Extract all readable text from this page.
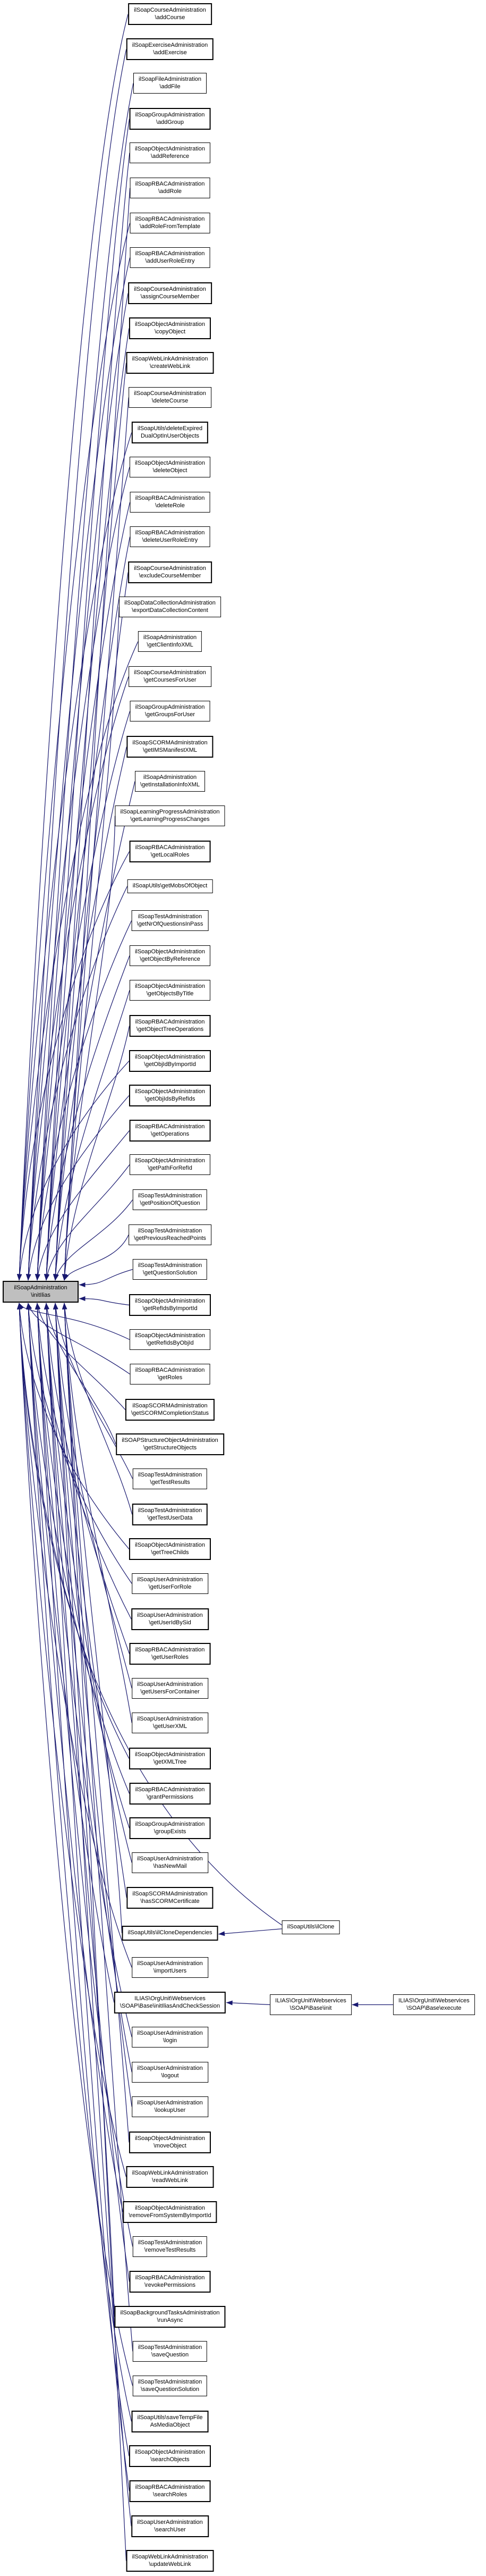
ilSoapCourseAdministration
\addCourse
ilSoapExerciseAdministration
\addExercise
ilSoapFileAdministration
\addFile
ilSoapGroupAdministration
\addGroup
ilSoapObjectAdministration
\addReference
ilSoapRBACAdministration
\addRole
ilSoapRBACAdministration
\addRoleFromTemplate
ilSoapRBACAdministration
\addUserRoleEntry
ilSoapCourseAdministration
\assignCourseMember
ilSoapObjectAdministration
\copyObject
ilSoapWebLinkAdministration
\createWebLink
ilSoapCourseAdministration
\deleteCourse
ilSoapUtils\deleteExpired
DualOptInUserObjects
ilSoapObjectAdministration
\deleteObject
ilSoapRBACAdministration
\deleteRole
ilSoapRBACAdministration
\deleteUserRoleEntry
ilSoapCourseAdministration
\excludeCourseMember
ilSoapDataCollectionAdministration
\exportDataCollectionContent
ilSoapAdministration
\getClientInfoXML
ilSoapCourseAdministration
\getCoursesForUser
ilSoapGroupAdministration
\getGroupsForUser
ilSoapSCORMAdministration
\getIMSManifestXML
ilSoapAdministration
\getInstallationInfoXML
ilSoapLearningProgressAdministration
\getLearningProgressChanges
ilSoapRBACAdministration
\getLocalRoles
ilSoapUtils\getMobsOfObject
ilSoapTestAdministration
\getNrOfQuestionsInPass
ilSoapObjectAdministration
\getObjectByReference
ilSoapObjectAdministration
\getObjectsByTitle
ilSoapRBACAdministration
\getObjectTreeOperations
ilSoapObjectAdministration
\getObjIdByImportId
ilSoapObjectAdministration
\getObjIdsByRefIds
ilSoapRBACAdministration
\getOperations
ilSoapObjectAdministration
\getPathForRefId
ilSoapTestAdministration
\getPositionOfQuestion
ilSoapTestAdministration
\getPreviousReachedPoints
ilSoapTestAdministration
\getQuestionSolution
ilSoapObjectAdministration
\getRefIdsByImportId
ilSoapObjectAdministration
\getRefIdsByObjId
ilSoapRBACAdministration
\getRoles
ilSoapSCORMAdministration
\getSCORMCompletionStatus
ilSOAPStructureObjectAdministration
\getStructureObjects
ilSoapTestAdministration
\getTestResults
ilSoapTestAdministration
\getTestUserData
ilSoapObjectAdministration
\getTreeChilds
ilSoapUserAdministration
\getUserForRole
ilSoapUserAdministration
\getUserIdBySid
ilSoapRBACAdministration
\getUserRoles
ilSoapUserAdministration
\getUsersForContainer
ilSoapUserAdministration
\getUserXML
ilSoapObjectAdministration
\getXMLTree
ilSoapRBACAdministration
\grantPermissions
ilSoapGroupAdministration
\groupExists
ilSoapUserAdministration
\hasNewMail
ilSoapSCORMAdministration
\hasSCORMCertificate
ilSoapUtils\ilCloneDependencies
ilSoapUserAdministration
\importUsers
ILIAS\OrgUnit\Webservices
\SOAP\Base\initIliasAndCheckSession
ilSoapUserAdministration
\login
ilSoapUserAdministration
\logout
ilSoapUserAdministration
\lookupUser
ilSoapObjectAdministration
\moveObject
ilSoapWebLinkAdministration
\readWebLink
ilSoapObjectAdministration
\removeFromSystemByImportId
ilSoapTestAdministration
\removeTestResults
ilSoapRBACAdministration
\revokePermissions
ilSoapBackgroundTasksAdministration
\runAsync
ilSoapTestAdministration
\saveQuestion
ilSoapTestAdministration
\saveQuestionSolution
ilSoapUtils\saveTempFile
AsMediaObject
ilSoapObjectAdministration
\searchObjects
ilSoapRBACAdministration
\searchRoles
ilSoapUserAdministration
\searchUser
ilSoapWebLinkAdministration
\updateWebLink
ilSoapAdministration
\initIlias
ilSoapUtils\ilClone
ILIAS\OrgUnit\Webservices
\SOAP\Base\init
ILIAS\OrgUnit\Webservices
\SOAP\Base\execute
